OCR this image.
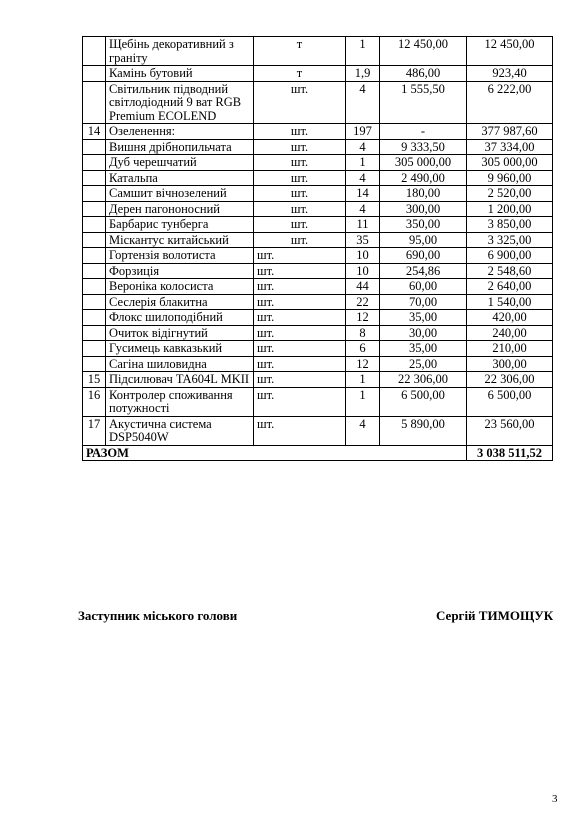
	Щебінь декоративний з граніту	т	1	12 450,00	12 450,00
	Камінь бутовий	т	1,9	486,00	923,40
	Світильник підводний світлодіодний 9 ват RGB Premium ECOLEND	шт.	4	1 555,50	6 222,00
14	Озеленення:	шт.	197	-	377 987,60
	Вишня дрібнопильчата	шт.	4	9 333,50	37 334,00
	Дуб черешчатий	шт.	1	305 000,00	305 000,00
	Катальпа	шт.	4	2 490,00	9 960,00
	Самшит вічнозелений	шт.	14	180,00	2 520,00
	Дерен пагононосний	шт.	4	300,00	1 200,00
	Барбарис тунберга	шт.	11	350,00	3 850,00
	Міскантус китайський	шт.	35	95,00	3 325,00
	Гортензія волотиста	шт.	10	690,00	6 900,00
	Форзиція	шт.	10	254,86	2 548,60
	Вероніка колосиста	шт.	44	60,00	2 640,00
	Сеслерія блакитна	шт.	22	70,00	1 540,00
	Флокс шилоподібний	шт.	12	35,00	420,00
	Очиток відігнутий	шт.	8	30,00	240,00
	Гусимець кавказький	шт.	6	35,00	210,00
	Сагіна шиловидна	шт.	12	25,00	300,00
15	Підсилювач TA604L MKII	шт.	1	22 306,00	22 306,00
16	Контролер споживання потужності	шт.	1	6 500,00	6 500,00
17	Акустична система DSP5040W	шт.	4	5 890,00	23 560,00
РАЗОМ					3 038 511,52
Заступник міського голови	Сергій ТИМОЩУК
3
